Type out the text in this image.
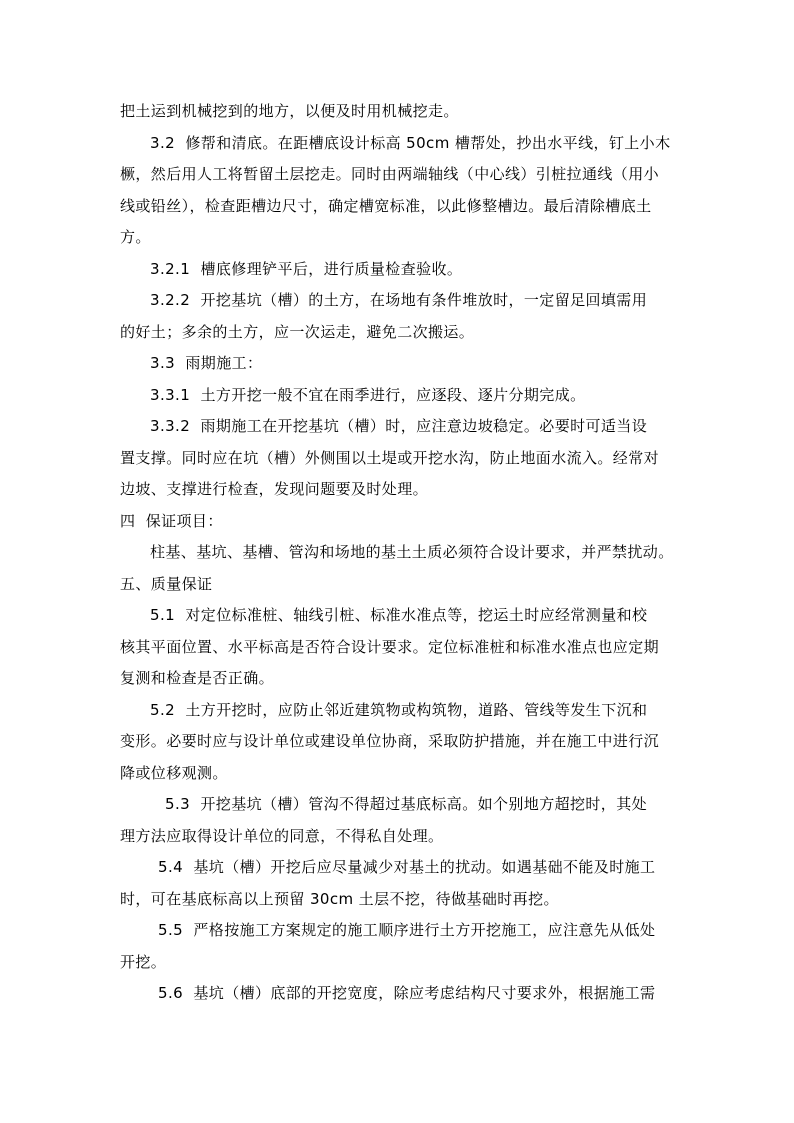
把土运到机械挖到的地方，以便及时用机械挖走。
3.2  修帮和清底。在距槽底设计标高 50cm 槽帮处，抄出水平线，钉上小木
橛，然后用人工将暂留土层挖走。同时由两端轴线（中心线）引桩拉通线（用小
线或铅丝），检查距槽边尺寸，确定槽宽标准，以此修整槽边。最后清除槽底土
方。
3.2.1  槽底修理铲平后，进行质量检查验收。
3.2.2  开挖基坑（槽）的土方，在场地有条件堆放时，一定留足回填需用
的好土；多余的土方，应一次运走，避免二次搬运。
3.3  雨期施工：
3.3.1  土方开挖一般不宜在雨季进行，应逐段、逐片分期完成。
3.3.2  雨期施工在开挖基坑（槽）时，应注意边坡稳定。必要时可适当设
置支撑。同时应在坑（槽）外侧围以土堤或开挖水沟，防止地面水流入。经常对
边坡、支撑进行检查，发现问题要及时处理。
四  保证项目：
柱基、基坑、基槽、管沟和场地的基土土质必须符合设计要求，并严禁扰动。
五、质量保证
5.1  对定位标准桩、轴线引桩、标准水准点等，挖运土时应经常测量和校
核其平面位置、水平标高是否符合设计要求。定位标准桩和标准水准点也应定期
复测和检查是否正确。
5.2  土方开挖时，应防止邻近建筑物或构筑物，道路、管线等发生下沉和
变形。必要时应与设计单位或建设单位协商，采取防护措施，并在施工中进行沉
降或位移观测。
5.3  开挖基坑（槽）管沟不得超过基底标高。如个别地方超挖时，其处
理方法应取得设计单位的同意，不得私自处理。
5.4  基坑（槽）开挖后应尽量减少对基土的扰动。如遇基础不能及时施工
时，可在基底标高以上预留 30cm 土层不挖，待做基础时再挖。
5.5  严格按施工方案规定的施工顺序进行土方开挖施工，应注意先从低处
开挖。
5.6  基坑（槽）底部的开挖宽度，除应考虑结构尺寸要求外，根据施工需
